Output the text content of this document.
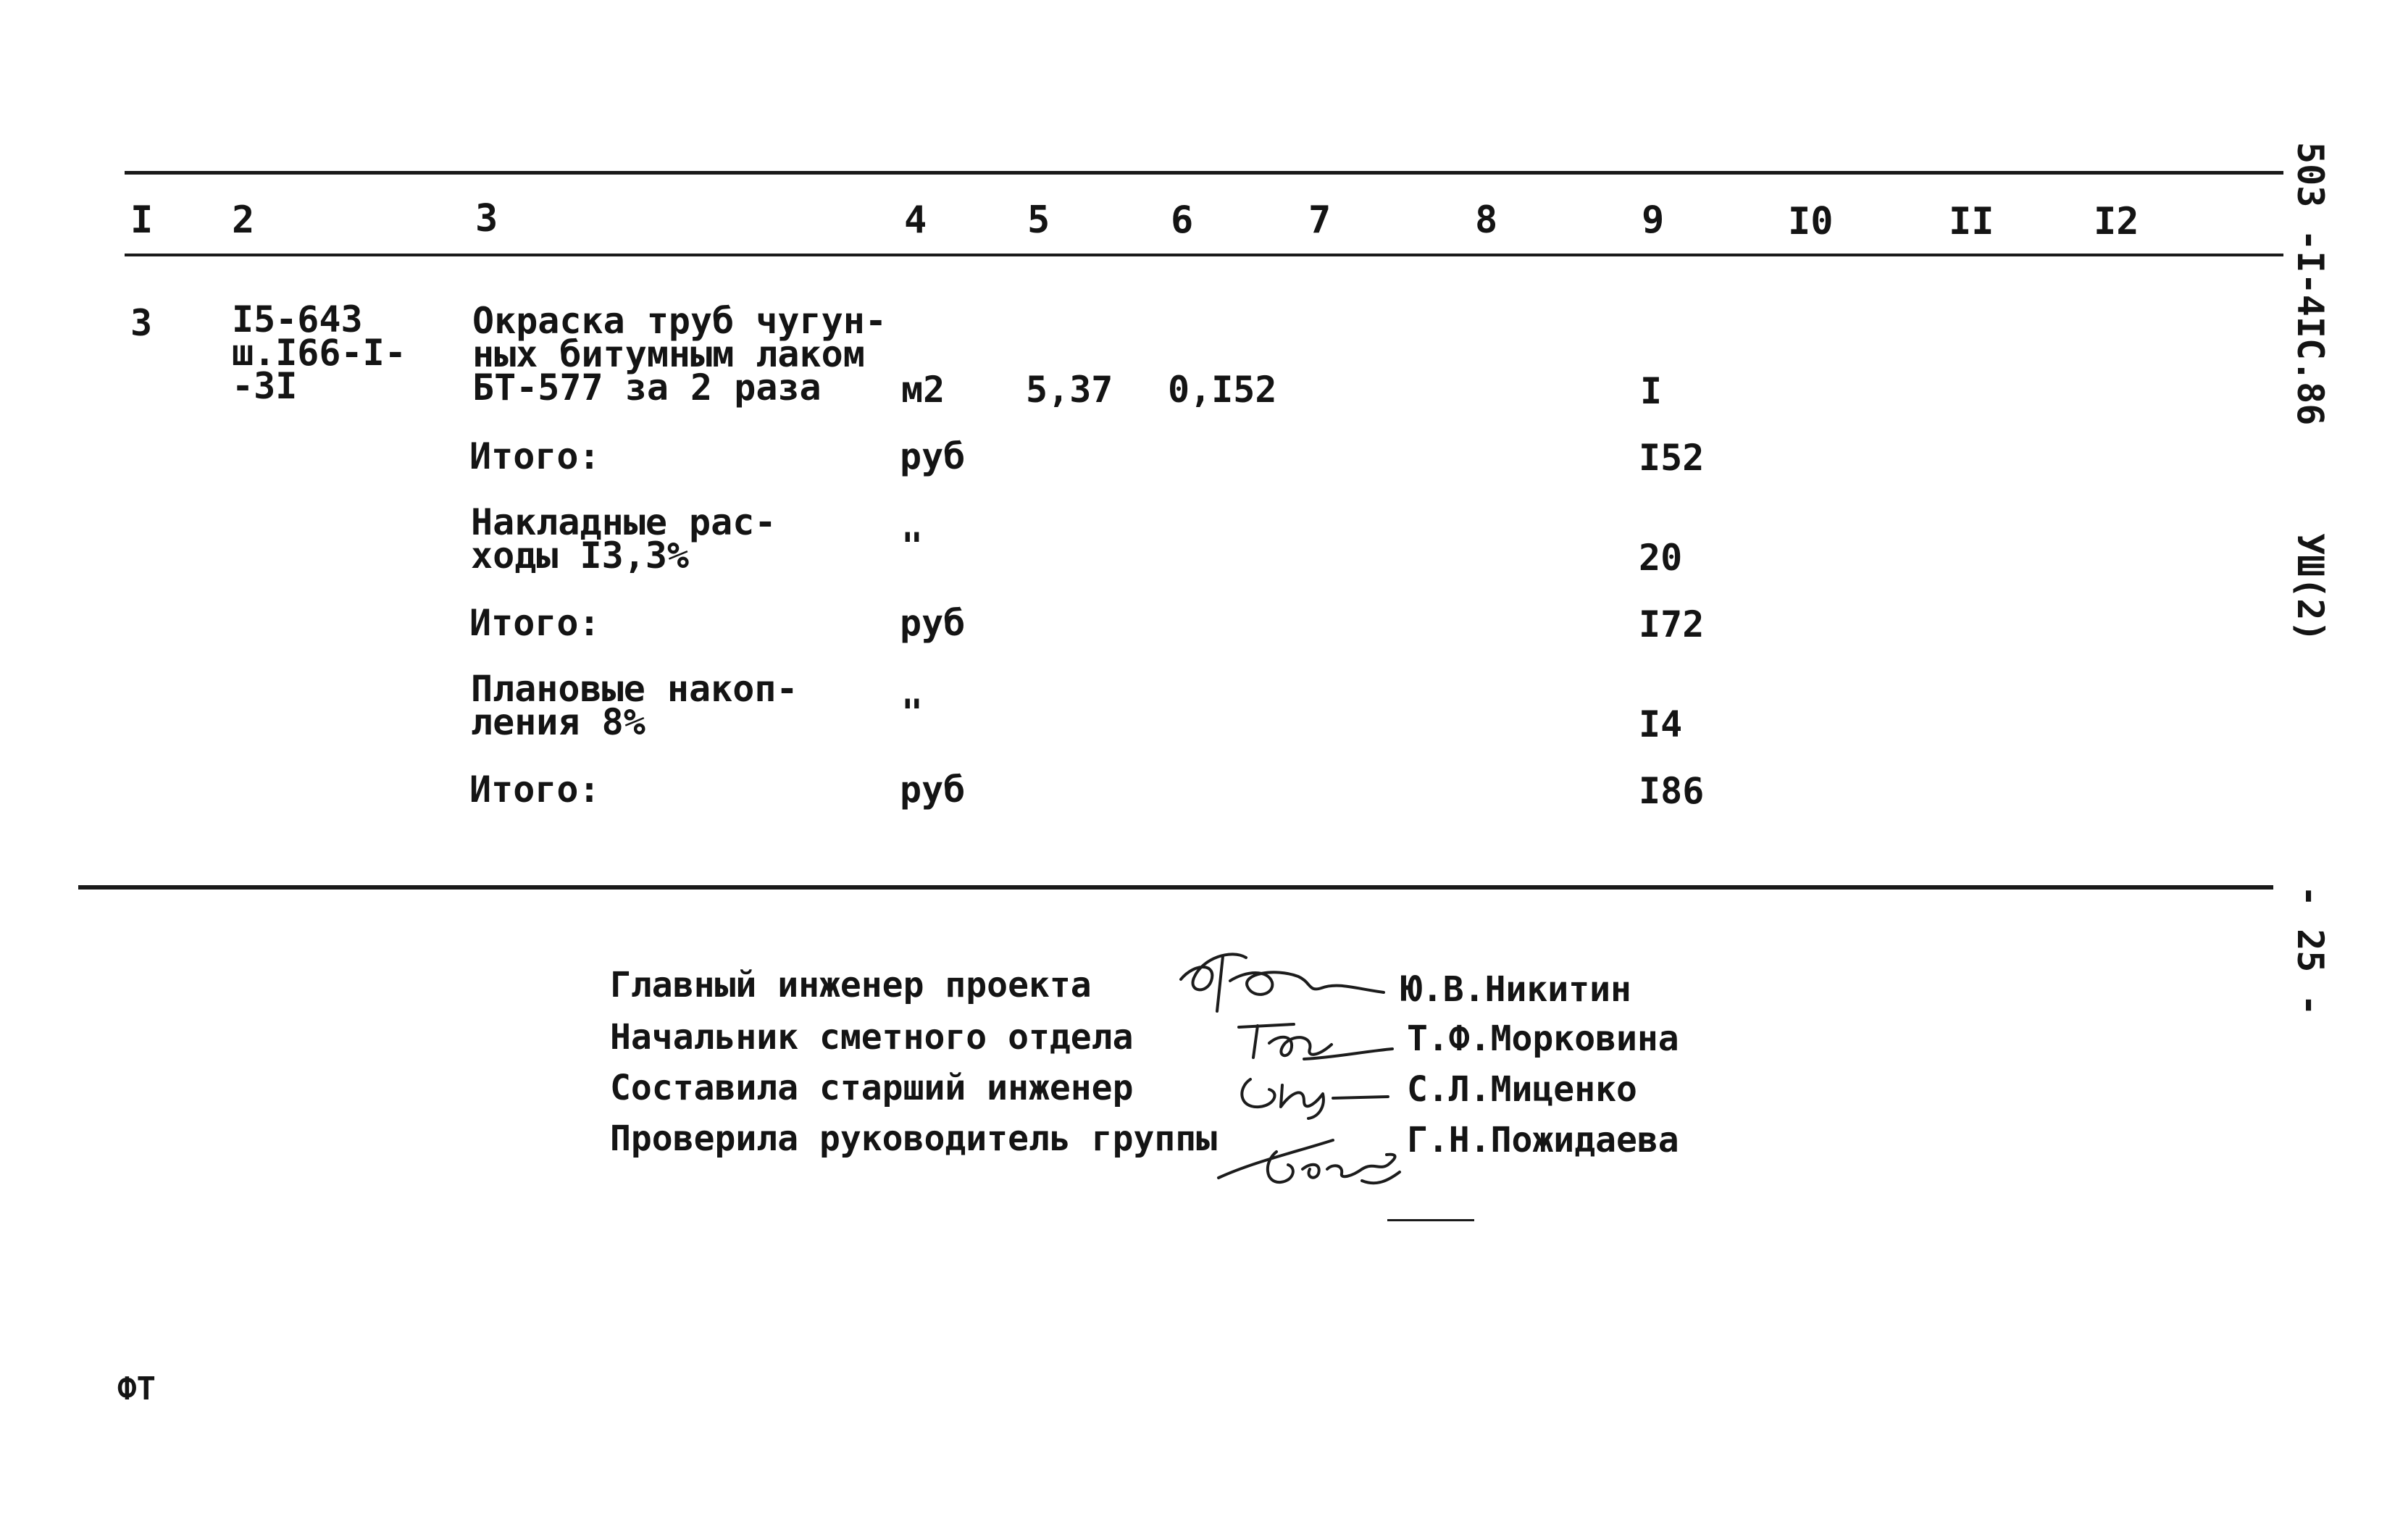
I 2	3	4	5	6	7	8	9	I0	II	I2
3 I5-643
ш.I66-I-
-3I
Окраска труб чугун-
ных битумным лаком
БТ-577 за 2 раза	м2 5,37 0,I52	I
Итого:	руб	I52
Накладные рас-
ходы I3,3%	"	20
Итого:	руб	I72
Плановые накоп-
ления 8%	"	I4
Итого:	руб	I86
503 -I-4IC.86
УШ(2)
- 25 -
Главный инженер проекта	Ю.В.Никитин
Начальник сметного отдела	Т.Ф.Морковина
Составила старший инженер	С.Л.Миценко
Проверила руководитель группы	Г.Н.Пожидаева
ФТ
